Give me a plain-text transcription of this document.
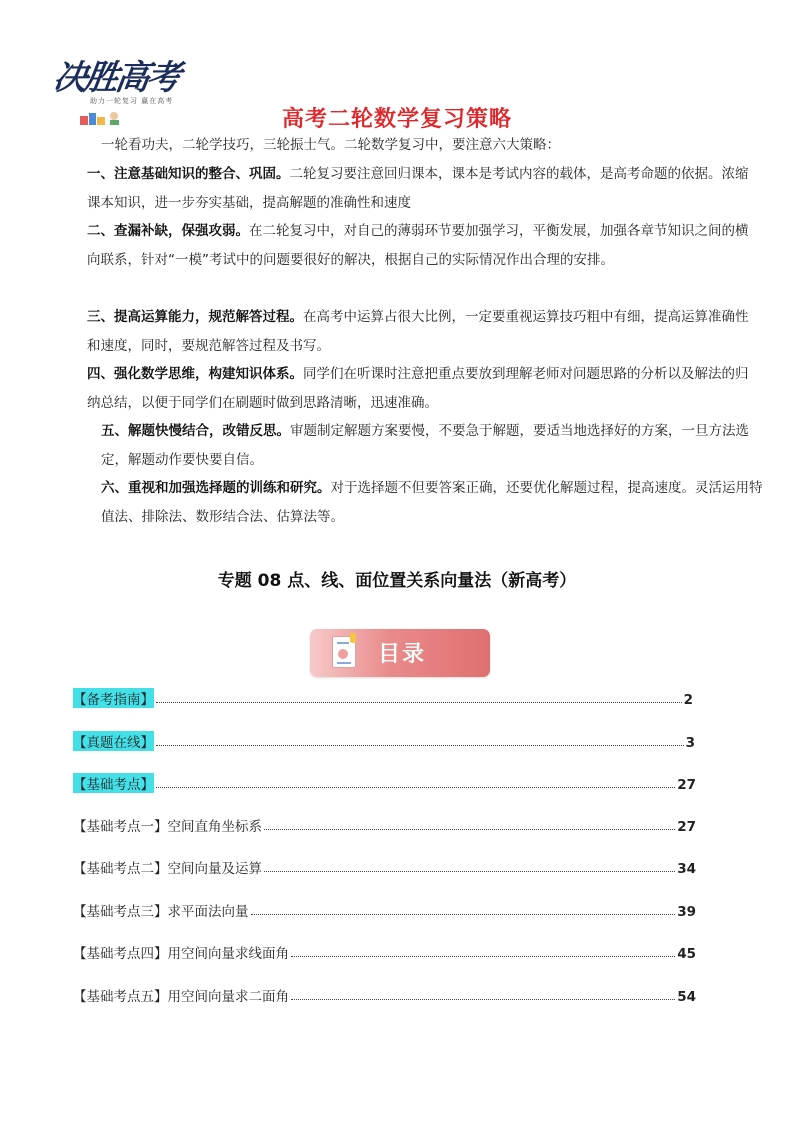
决胜高考
助力一轮复习 赢在高考
高考二轮数学复习策略
一轮看功夫，二轮学技巧，三轮振士气。二轮数学复习中，要注意六大策略：
一、注意基础知识的整合、巩固。二轮复习要注意回归课本，课本是考试内容的载体，是高考命题的依据。浓缩课本知识，进一步夯实基础，提高解题的准确性和速度
二、查漏补缺，保强攻弱。在二轮复习中，对自己的薄弱环节要加强学习，平衡发展，加强各章节知识之间的横向联系，针对“一模”考试中的问题要很好的解决，根据自己的实际情况作出合理的安排。
三、提高运算能力，规范解答过程。在高考中运算占很大比例，一定要重视运算技巧粗中有细，提高运算准确性和速度，同时，要规范解答过程及书写。
四、强化数学思维，构建知识体系。同学们在听课时注意把重点要放到理解老师对问题思路的分析以及解法的归纳总结，以便于同学们在刷题时做到思路清晰，迅速准确。
五、解题快慢结合，改错反思。审题制定解题方案要慢，不要急于解题，要适当地选择好的方案，一旦方法选定，解题动作要快要自信。
六、重视和加强选择题的训练和研究。对于选择题不但要答案正确，还要优化解题过程，提高速度。灵活运用特值法、排除法、数形结合法、估算法等。
专题 08 点、线、面位置关系向量法（新高考）
目录
【备考指南】	2
【真题在线】	3
【基础考点】	27
【基础考点一】空间直角坐标系	27
【基础考点二】空间向量及运算	34
【基础考点三】求平面法向量	39
【基础考点四】用空间向量求线面角	45
【基础考点五】用空间向量求二面角	54
